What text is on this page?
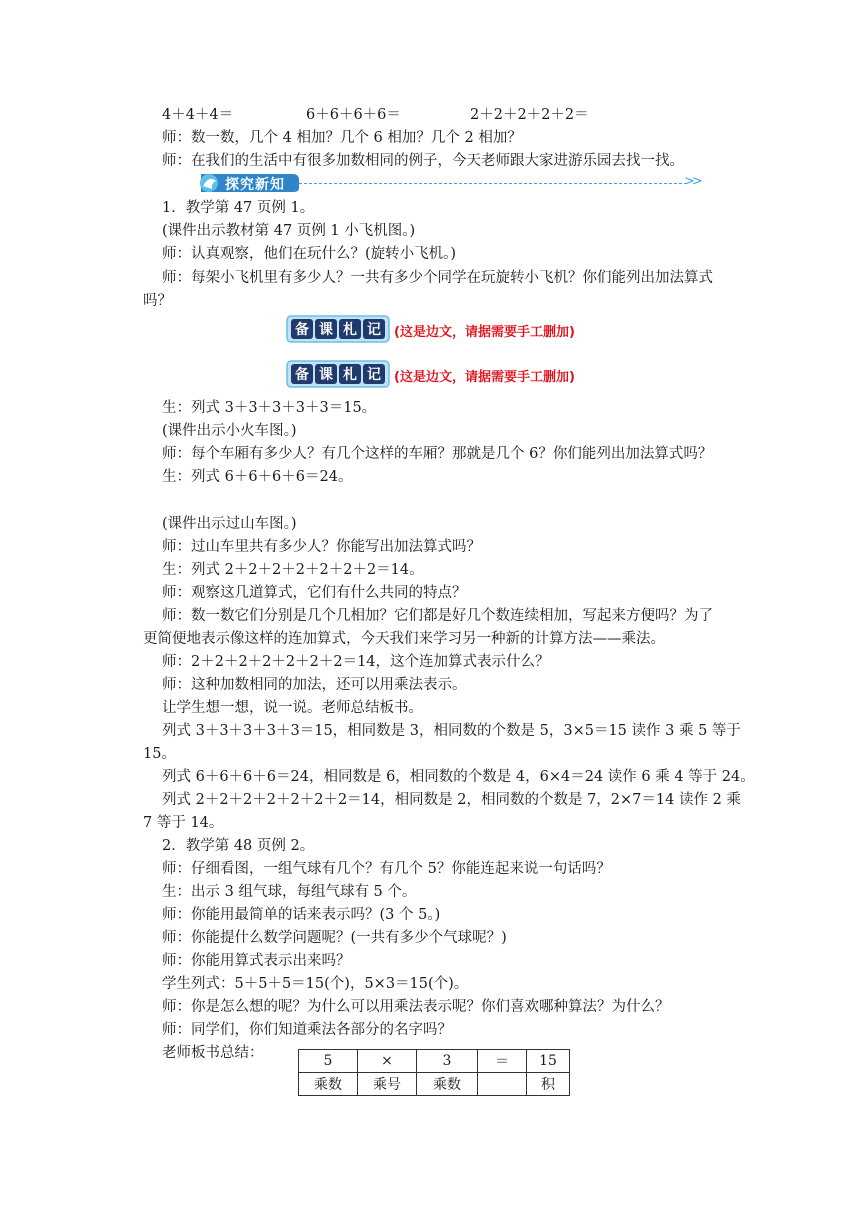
4＋4＋4＝	6＋6＋6＋6＝	2＋2＋2＋2＋2＝
探究新知	>>
备 课 札 记 (这是边文，请据需要手工删加)
备 课 札 记 (这是边文，请据需要手工删加)
师：数一数，几个 4 相加？几个 6 相加？几个 2 相加？
师：在我们的生活中有很多加数相同的例子，今天老师跟大家进游乐园去找一找。
1．教学第 47 页例 1。
(课件出示教材第 47 页例 1 小飞机图。)
师：认真观察，他们在玩什么？(旋转小飞机。)
师：每架小飞机里有多少人？一共有多少个同学在玩旋转小飞机？你们能列出加法算式
吗？
生：列式 3＋3＋3＋3＋3＝15。
(课件出示小火车图。)
师：每个车厢有多少人？有几个这样的车厢？那就是几个 6？你们能列出加法算式吗？
生：列式 6＋6＋6＋6＝24。
(课件出示过山车图。)
师：过山车里共有多少人？你能写出加法算式吗？
生：列式 2＋2＋2＋2＋2＋2＋2＝14。
师：观察这几道算式，它们有什么共同的特点？
师：数一数它们分别是几个几相加？它们都是好几个数连续相加，写起来方便吗？为了
更简便地表示像这样的连加算式，今天我们来学习另一种新的计算方法——乘法。
师：2＋2＋2＋2＋2＋2＋2＝14，这个连加算式表示什么？
师：这种加数相同的加法，还可以用乘法表示。
让学生想一想，说一说。老师总结板书。
列式 3＋3＋3＋3＋3＝15，相同数是 3，相同数的个数是 5，3×5＝15 读作 3 乘 5 等于
15。
列式 6＋6＋6＋6＝24，相同数是 6，相同数的个数是 4，6×4＝24 读作 6 乘 4 等于 24。
列式 2＋2＋2＋2＋2＋2＋2＝14，相同数是 2，相同数的个数是 7，2×7＝14 读作 2 乘
7 等于 14。
2．教学第 48 页例 2。
师：仔细看图，一组气球有几个？有几个 5？你能连起来说一句话吗？
生：出示 3 组气球，每组气球有 5 个。
师：你能用最简单的话来表示吗？(3 个 5。)
师：你能提什么数学问题呢？(一共有多少个气球呢？)
师：你能用算式表示出来吗？
学生列式：5＋5＋5＝15(个)，5×3＝15(个)。
师：你是怎么想的呢？为什么可以用乘法表示呢？你们喜欢哪种算法？为什么？
师：同学们，你们知道乘法各部分的名字吗？
老师板书总结：	5	×	3	＝	15
乘数	乘号	乘数		积
